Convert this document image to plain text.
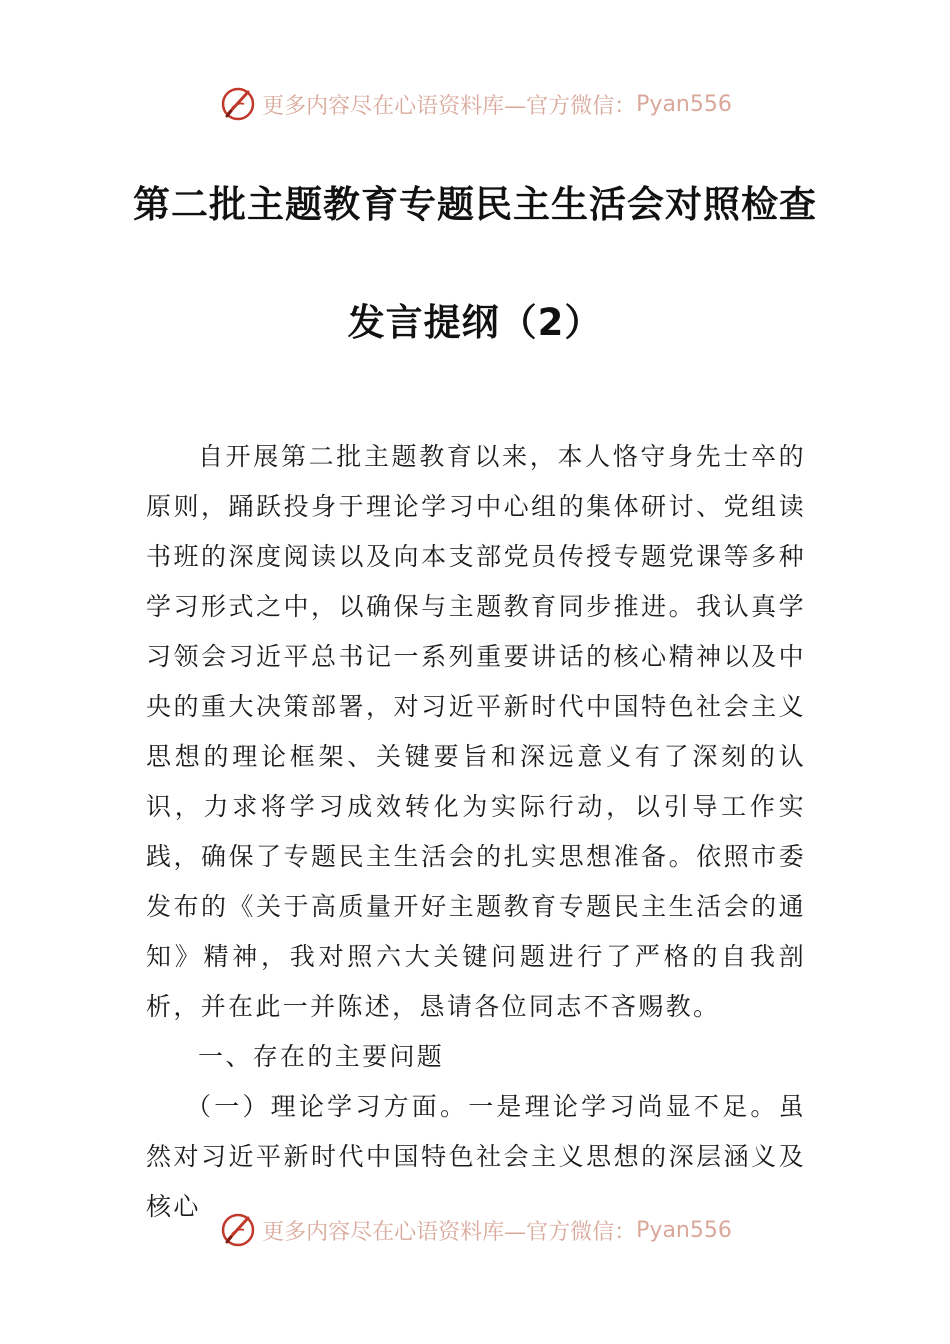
更多内容尽在心语资料库—官方微信： Pyan556
第二批主题教育专题民主生活会对照检查
发言提纲（2）

自开展第二批主题教育以来，本人恪守身先士卒的原则，踊跃投身于理论学习中心组的集体研讨、党组读书班的深度阅读以及向本支部党员传授专题党课等多种学习形式之中，以确保与主题教育同步推进。我认真学习领会习近平总书记一系列重要讲话的核心精神以及中央的重大决策部署，对习近平新时代中国特色社会主义思想的理论框架、关键要旨和深远意义有了深刻的认识，力求将学习成效转化为实际行动，以引导工作实践，确保了专题民主生活会的扎实思想准备。依照市委发布的《关于高质量开好主题教育专题民主生活会的通知》精神，我对照六大关键问题进行了严格的自我剖析，并在此一并陈述，恳请各位同志不吝赐教。

一、存在的主要问题

（一）理论学习方面。一是理论学习尚显不足。虽然对习近平新时代中国特色社会主义思想的深层涵义及核心

更多内容尽在心语资料库—官方微信： Pyan556
